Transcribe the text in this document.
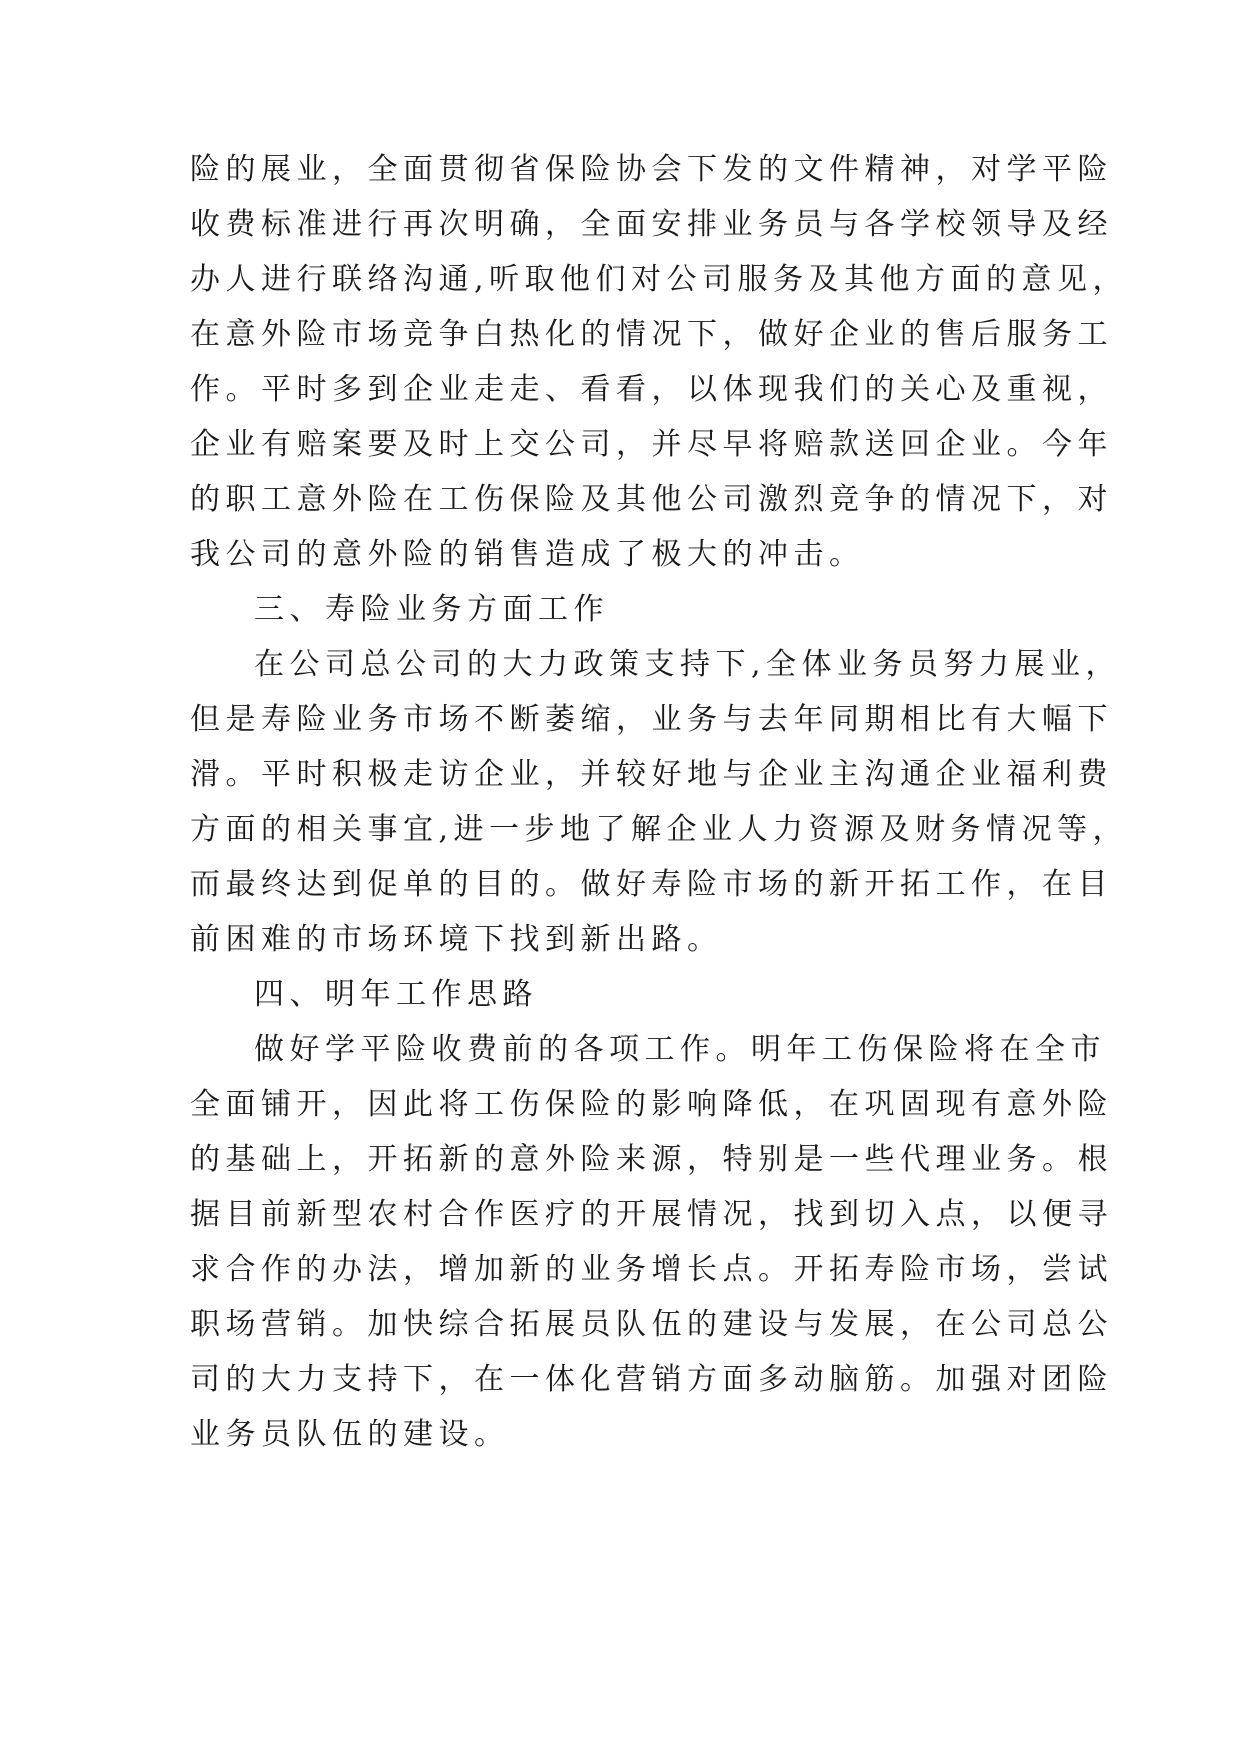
险的展业，全面贯彻省保险协会下发的文件精神，对学平险
收费标准进行再次明确，全面安排业务员与各学校领导及经
办人进行联络沟通,听取他们对公司服务及其他方面的意见，
在意外险市场竞争白热化的情况下，做好企业的售后服务工
作。平时多到企业走走、看看，以体现我们的关心及重视，
企业有赔案要及时上交公司，并尽早将赔款送回企业。今年
的职工意外险在工伤保险及其他公司激烈竞争的情况下，对
我公司的意外险的销售造成了极大的冲击。
三、寿险业务方面工作
在公司总公司的大力政策支持下,全体业务员努力展业，
但是寿险业务市场不断萎缩，业务与去年同期相比有大幅下
滑。平时积极走访企业，并较好地与企业主沟通企业福利费
方面的相关事宜,进一步地了解企业人力资源及财务情况等，
而最终达到促单的目的。做好寿险市场的新开拓工作，在目
前困难的市场环境下找到新出路。
四、明年工作思路
做好学平险收费前的各项工作。明年工伤保险将在全市
全面铺开，因此将工伤保险的影响降低，在巩固现有意外险
的基础上，开拓新的意外险来源，特别是一些代理业务。根
据目前新型农村合作医疗的开展情况，找到切入点，以便寻
求合作的办法，增加新的业务增长点。开拓寿险市场，尝试
职场营销。加快综合拓展员队伍的建设与发展，在公司总公
司的大力支持下，在一体化营销方面多动脑筋。加强对团险
业务员队伍的建设。
